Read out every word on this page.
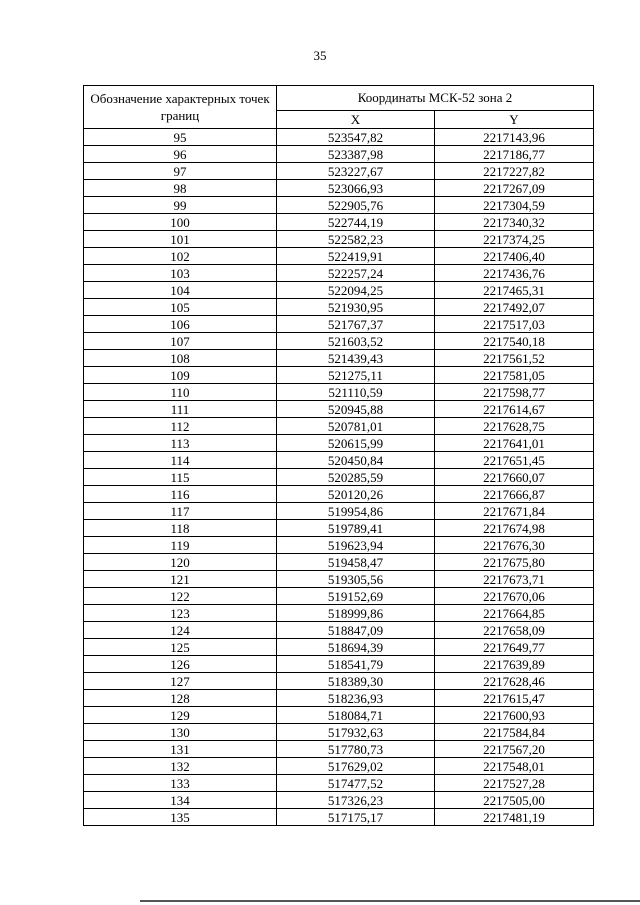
35
Обозначение характерных точек границ	Координаты МСК-52 зона 2	
	X	Y
95	523547,82	2217143,96
96	523387,98	2217186,77
97	523227,67	2217227,82
98	523066,93	2217267,09
99	522905,76	2217304,59
100	522744,19	2217340,32
101	522582,23	2217374,25
102	522419,91	2217406,40
103	522257,24	2217436,76
104	522094,25	2217465,31
105	521930,95	2217492,07
106	521767,37	2217517,03
107	521603,52	2217540,18
108	521439,43	2217561,52
109	521275,11	2217581,05
110	521110,59	2217598,77
111	520945,88	2217614,67
112	520781,01	2217628,75
113	520615,99	2217641,01
114	520450,84	2217651,45
115	520285,59	2217660,07
116	520120,26	2217666,87
117	519954,86	2217671,84
118	519789,41	2217674,98
119	519623,94	2217676,30
120	519458,47	2217675,80
121	519305,56	2217673,71
122	519152,69	2217670,06
123	518999,86	2217664,85
124	518847,09	2217658,09
125	518694,39	2217649,77
126	518541,79	2217639,89
127	518389,30	2217628,46
128	518236,93	2217615,47
129	518084,71	2217600,93
130	517932,63	2217584,84
131	517780,73	2217567,20
132	517629,02	2217548,01
133	517477,52	2217527,28
134	517326,23	2217505,00
135	517175,17	2217481,19
